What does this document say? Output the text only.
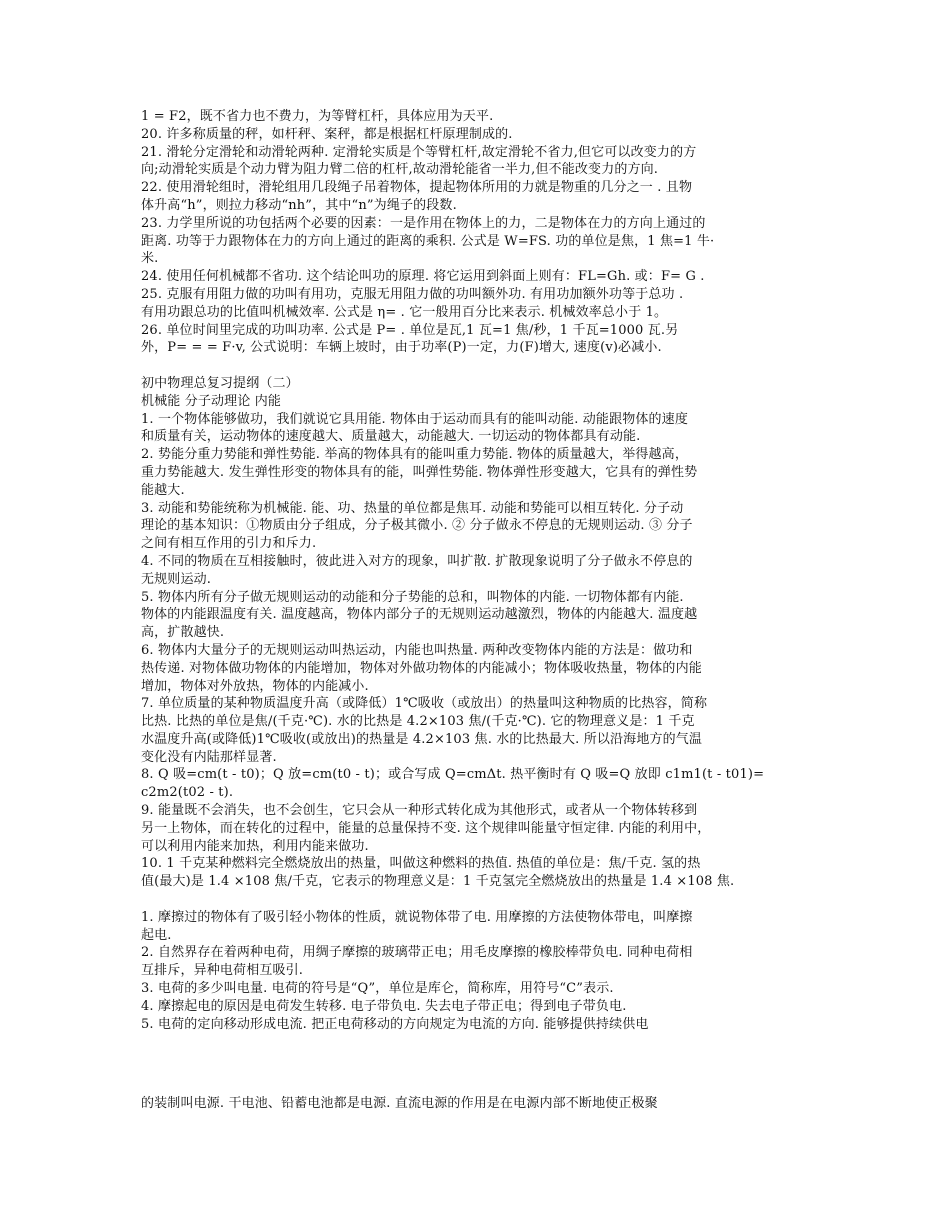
1 = F2，既不省力也不费力，为等臂杠杆，具体应用为天平.
20. 许多称质量的秤，如杆秤、案秤，都是根据杠杆原理制成的.
21. 滑轮分定滑轮和动滑轮两种. 定滑轮实质是个等臂杠杆,故定滑轮不省力,但它可以改变力的方
向;动滑轮实质是个动力臂为阻力臂二倍的杠杆,故动滑轮能省一半力,但不能改变力的方向.
22. 使用滑轮组时，滑轮组用几段绳子吊着物体，提起物体所用的力就是物重的几分之一 . 且物
体升高“h”，则拉力移动“nh”，其中“n”为绳子的段数.
23. 力学里所说的功包括两个必要的因素：一是作用在物体上的力，二是物体在力的方向上通过的
距离. 功等于力跟物体在力的方向上通过的距离的乘积. 公式是 W=FS. 功的单位是焦，1 焦=1 牛·
米.
24. 使用任何机械都不省功. 这个结论叫功的原理. 将它运用到斜面上则有：FL=Gh. 或：F= G .
25. 克服有用阻力做的功叫有用功，克服无用阻力做的功叫额外功. 有用功加额外功等于总功 .
有用功跟总功的比值叫机械效率. 公式是 η= . 它一般用百分比来表示. 机械效率总小于 1。
26. 单位时间里完成的功叫功率. 公式是 P= . 单位是瓦,1 瓦=1 焦/秒，1 千瓦=1000 瓦.另
外，P= = = F·v, 公式说明：车辆上坡时，由于功率(P)一定，力(F)增大, 速度(v)必减小.
初中物理总复习提纲（二）
机械能 分子动理论 内能
1. 一个物体能够做功，我们就说它具用能. 物体由于运动而具有的能叫动能. 动能跟物体的速度
和质量有关，运动物体的速度越大、质量越大，动能越大. 一切运动的物体都具有动能.
2. 势能分重力势能和弹性势能. 举高的物体具有的能叫重力势能. 物体的质量越大，举得越高，
重力势能越大. 发生弹性形变的物体具有的能，叫弹性势能. 物体弹性形变越大，它具有的弹性势
能越大.
3. 动能和势能统称为机械能. 能、功、热量的单位都是焦耳. 动能和势能可以相互转化. 分子动
理论的基本知识：①物质由分子组成，分子极其微小. ② 分子做永不停息的无规则运动. ③ 分子
之间有相互作用的引力和斥力.
4. 不同的物质在互相接触时，彼此进入对方的现象，叫扩散. 扩散现象说明了分子做永不停息的
无规则运动.
5. 物体内所有分子做无规则运动的动能和分子势能的总和，叫物体的内能. 一切物体都有内能.
物体的内能跟温度有关. 温度越高，物体内部分子的无规则运动越激烈，物体的内能越大. 温度越
高，扩散越快.
6. 物体内大量分子的无规则运动叫热运动，内能也叫热量. 两种改变物体内能的方法是：做功和
热传递. 对物体做功物体的内能增加，物体对外做功物体的内能减小；物体吸收热量，物体的内能
增加，物体对外放热，物体的内能减小.
7. 单位质量的某种物质温度升高（或降低）1℃吸收（或放出）的热量叫这种物质的比热容，简称
比热. 比热的单位是焦/(千克·℃). 水的比热是 4.2×103 焦/(千克·℃). 它的物理意义是：1 千克
水温度升高(或降低)1℃吸收(或放出)的热量是 4.2×103 焦. 水的比热最大. 所以沿海地方的气温
变化没有内陆那样显著.
8. Q 吸=cm(t - t0)；Q 放=cm(t0 - t)；或合写成 Q=cmΔt. 热平衡时有 Q 吸=Q 放即 c1m1(t - t01)=
c2m2(t02 - t).
9. 能量既不会消失，也不会创生，它只会从一种形式转化成为其他形式，或者从一个物体转移到
另一上物体，而在转化的过程中，能量的总量保持不变. 这个规律叫能量守恒定律. 内能的利用中，
可以利用内能来加热，利用内能来做功.
10. 1 千克某种燃料完全燃烧放出的热量，叫做这种燃料的热值. 热值的单位是：焦/千克. 氢的热
值(最大)是 1.4 ×108 焦/千克，它表示的物理意义是：1 千克氢完全燃烧放出的热量是 1.4 ×108 焦.
1. 摩擦过的物体有了吸引轻小物体的性质，就说物体带了电. 用摩擦的方法使物体带电，叫摩擦
起电.
2. 自然界存在着两种电荷，用绸子摩擦的玻璃带正电；用毛皮摩擦的橡胶棒带负电. 同种电荷相
互排斥，异种电荷相互吸引.
3. 电荷的多少叫电量. 电荷的符号是“Q”，单位是库仑，简称库，用符号“C”表示.
4. 摩擦起电的原因是电荷发生转移. 电子带负电. 失去电子带正电；得到电子带负电.
5. 电荷的定向移动形成电流. 把正电荷移动的方向规定为电流的方向. 能够提供持续供电
的装制叫电源. 干电池、铅蓄电池都是电源. 直流电源的作用是在电源内部不断地使正极聚
